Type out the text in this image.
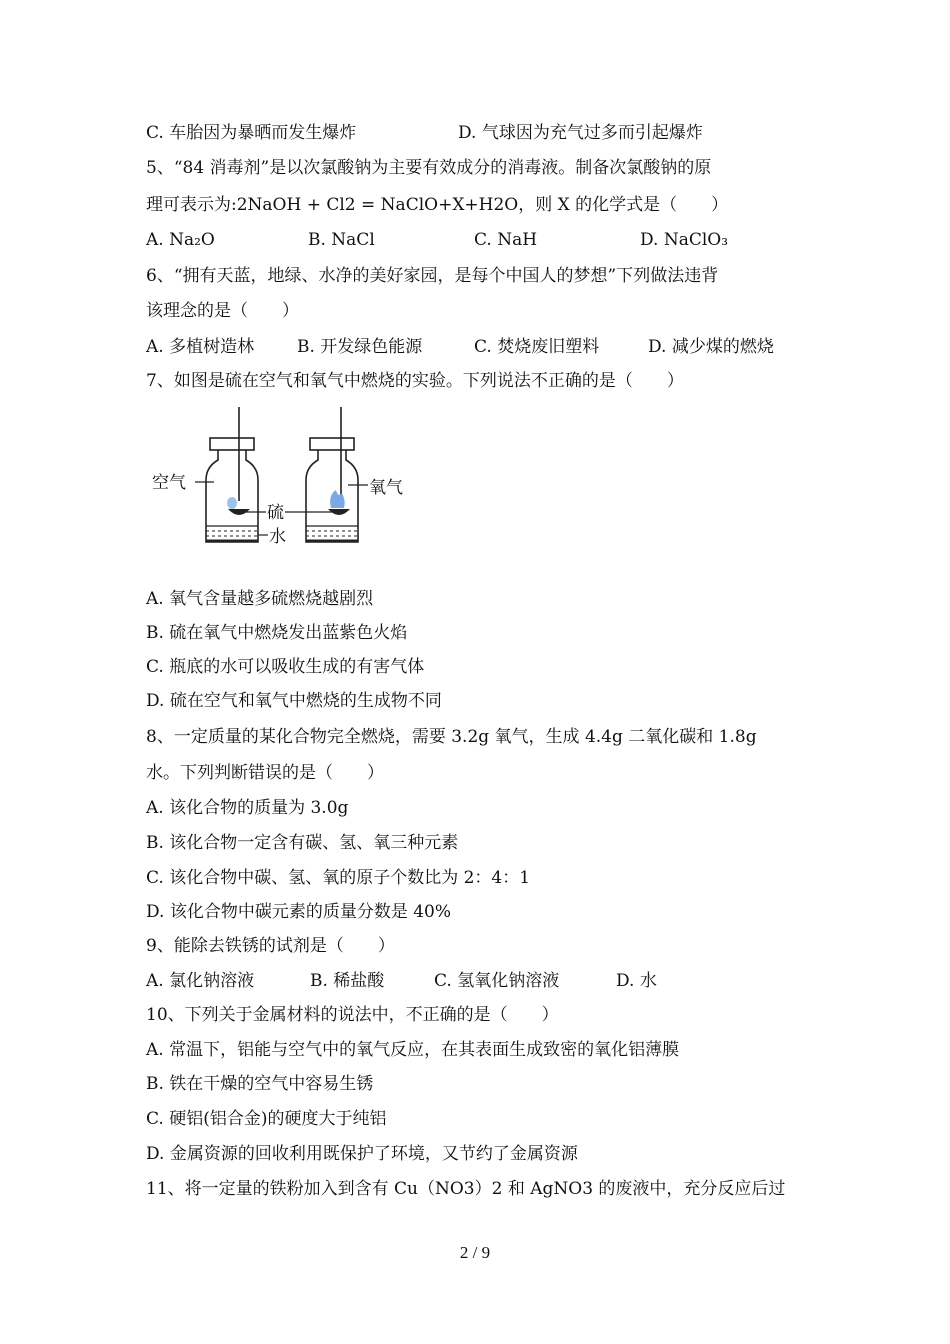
C. 车胎因为暴晒而发生爆炸	D. 气球因为充气过多而引起爆炸
5、“84 消毒剂”是以次氯酸钠为主要有效成分的消毒液。制备次氯酸钠的原
理可表示为:2NaOH + Cl2 = NaClO+X+H2O，则 X 的化学式是（　　）
A. Na₂O	B. NaCl	C. NaH	D. NaClO₃
6、“拥有天蓝，地绿、水净的美好家园，是每个中国人的梦想”下列做法违背
该理念的是（　　）
A. 多植树造林	B. 开发绿色能源	C. 焚烧废旧塑料	D. 减少煤的燃烧
7、如图是硫在空气和氧气中燃烧的实验。下列说法不正确的是（　　）
空气
硫
氧气
水
A. 氧气含量越多硫燃烧越剧烈
B. 硫在氧气中燃烧发出蓝紫色火焰
C. 瓶底的水可以吸收生成的有害气体
D. 硫在空气和氧气中燃烧的生成物不同
8、一定质量的某化合物完全燃烧，需要 3.2g 氧气，生成 4.4g 二氧化碳和 1.8g
水。下列判断错误的是（　　）
A. 该化合物的质量为 3.0g
B. 该化合物一定含有碳、氢、氧三种元素
C. 该化合物中碳、氢、氧的原子个数比为 2：4：1
D. 该化合物中碳元素的质量分数是 40%
9、能除去铁锈的试剂是（　　）
A. 氯化钠溶液	B. 稀盐酸	C. 氢氧化钠溶液	D. 水
10、下列关于金属材料的说法中，不正确的是（　　）
A. 常温下，铝能与空气中的氧气反应，在其表面生成致密的氧化铝薄膜
B. 铁在干燥的空气中容易生锈
C. 硬铝(铝合金)的硬度大于纯铝
D. 金属资源的回收利用既保护了环境，又节约了金属资源
11、将一定量的铁粉加入到含有 Cu（NO3）2 和 AgNO3 的废液中，充分反应后过
2 / 9
